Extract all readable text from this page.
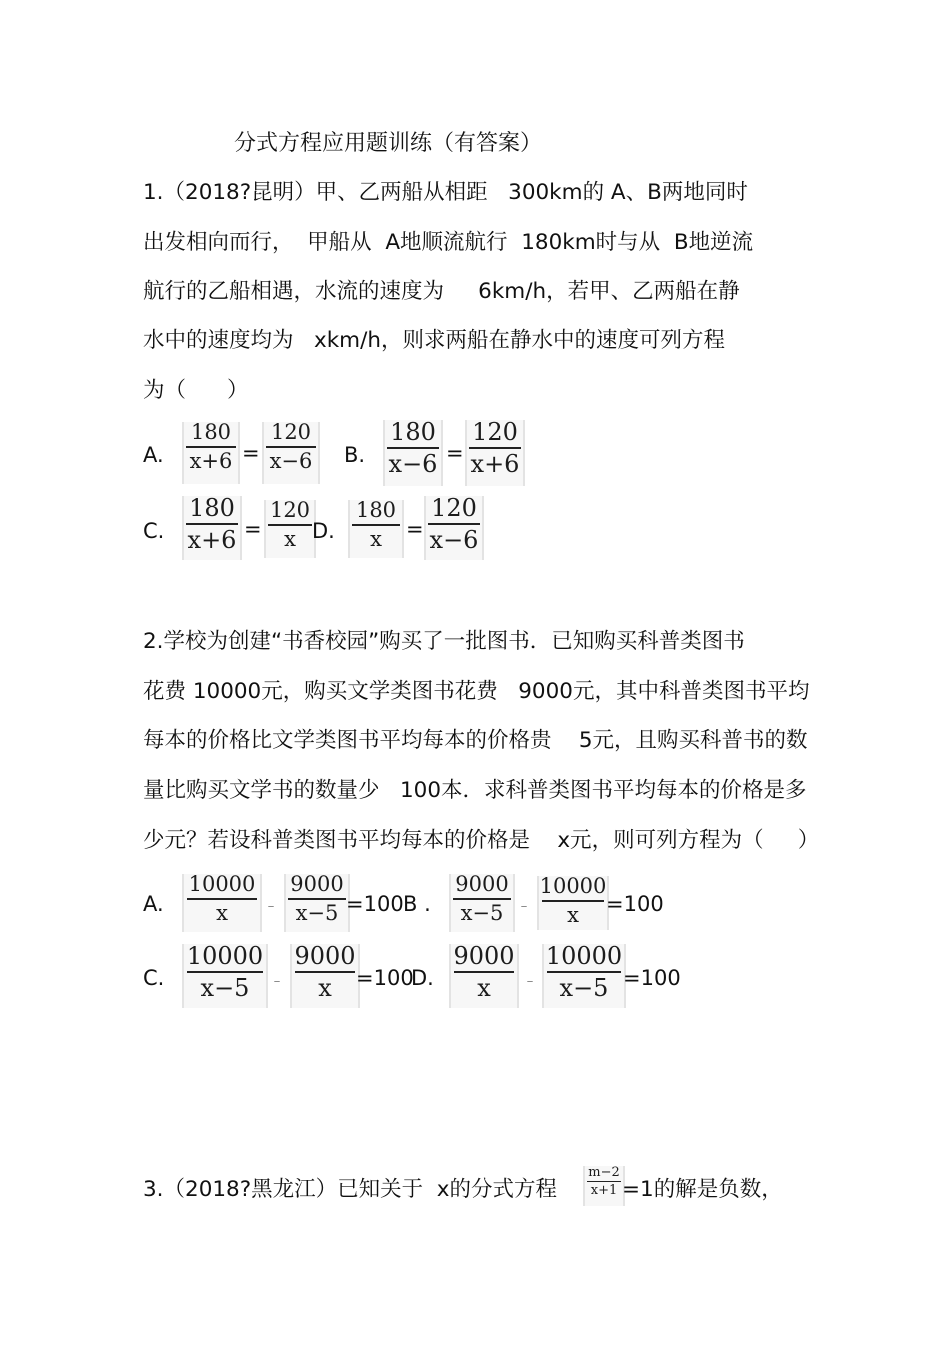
分式方程应用题训练（有答案）
1.（2018?昆明）甲、乙两船从相距   300km的 A、B两地同时
出发相向而行，  甲船从  A地顺流航行  180km时与从  B地逆流
航行的乙船相遇，水流的速度为     6km/h，若甲、乙两船在静
水中的速度均为   xkm/h，则求两船在静水中的速度可列方程
为（      ）
A.
180
x+6 =
120
x−6 B.
180
x−6 =
120
x+6
C.
180
x+6 =
120
x D.
180
x =
120
x−6
2.学校为创建“书香校园”购买了一批图书．已知购买科普类图书
花费 10000元，购买文学类图书花费   9000元，其中科普类图书平均
每本的价格比文学类图书平均每本的价格贵    5元，且购买科普书的数
量比购买文学书的数量少   100本．求科普类图书平均每本的价格是多
少元？若设科普类图书平均每本的价格是    x元，则可列方程为（     ）
A.
10000
x	﹣
9000
x−5 =100 B .
9000
x−5 ﹣
10000
x =100
C.
10000
x−5 ﹣
9000
x =100
D.
9000
x ﹣
10000
x−5 =100
3.（2018?黑龙江）已知关于  x的分式方程
m−2
x+1 =1的解是负数，
